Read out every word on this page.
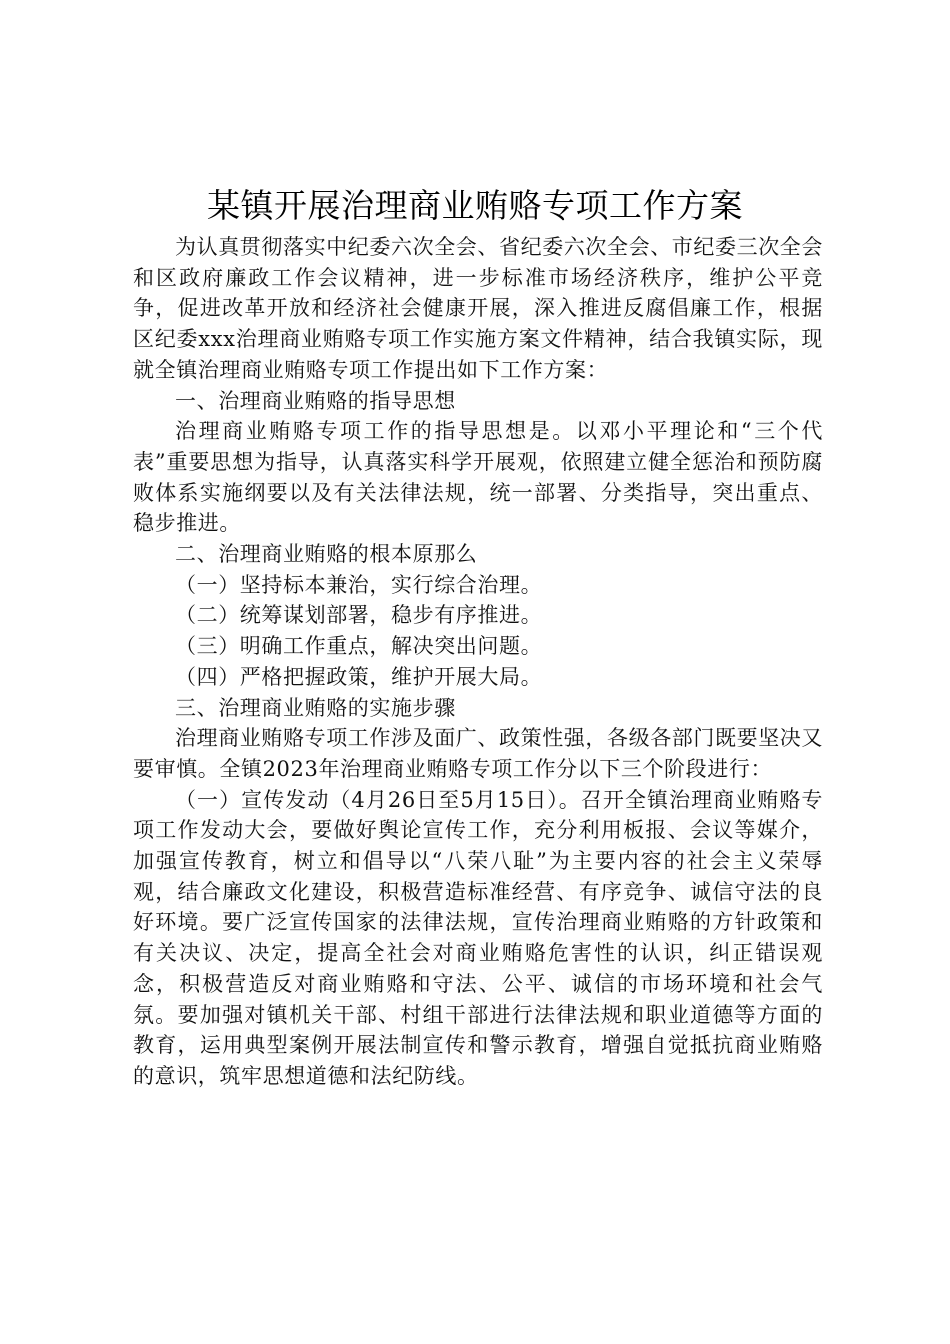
某镇开展治理商业贿赂专项工作方案

为认真贯彻落实中纪委六次全会、省纪委六次全会、市纪委三次全会和区政府廉政工作会议精神，进一步标准市场经济秩序，维护公平竞争，促进改革开放和经济社会健康开展，深入推进反腐倡廉工作，根据区纪委xxx治理商业贿赂专项工作实施方案文件精神，结合我镇实际，现就全镇治理商业贿赂专项工作提出如下工作方案：

一、治理商业贿赂的指导思想

治理商业贿赂专项工作的指导思想是。以邓小平理论和“三个代表”重要思想为指导，认真落实科学开展观，依照建立健全惩治和预防腐败体系实施纲要以及有关法律法规，统一部署、分类指导，突出重点、稳步推进。

二、治理商业贿赂的根本原那么

（一）坚持标本兼治，实行综合治理。

（二）统筹谋划部署，稳步有序推进。

（三）明确工作重点，解决突出问题。

（四）严格把握政策，维护开展大局。

三、治理商业贿赂的实施步骤

治理商业贿赂专项工作涉及面广、政策性强，各级各部门既要坚决又要审慎。全镇2023年治理商业贿赂专项工作分以下三个阶段进行：

（一）宣传发动（4月26日至5月15日）。召开全镇治理商业贿赂专项工作发动大会，要做好舆论宣传工作，充分利用板报、会议等媒介，加强宣传教育，树立和倡导以“八荣八耻”为主要内容的社会主义荣辱观，结合廉政文化建设，积极营造标准经营、有序竞争、诚信守法的良好环境。要广泛宣传国家的法律法规，宣传治理商业贿赂的方针政策和有关决议、决定，提高全社会对商业贿赂危害性的认识，纠正错误观念，积极营造反对商业贿赂和守法、公平、诚信的市场环境和社会气氛。要加强对镇机关干部、村组干部进行法律法规和职业道德等方面的教育，运用典型案例开展法制宣传和警示教育，增强自觉抵抗商业贿赂的意识，筑牢思想道德和法纪防线。
